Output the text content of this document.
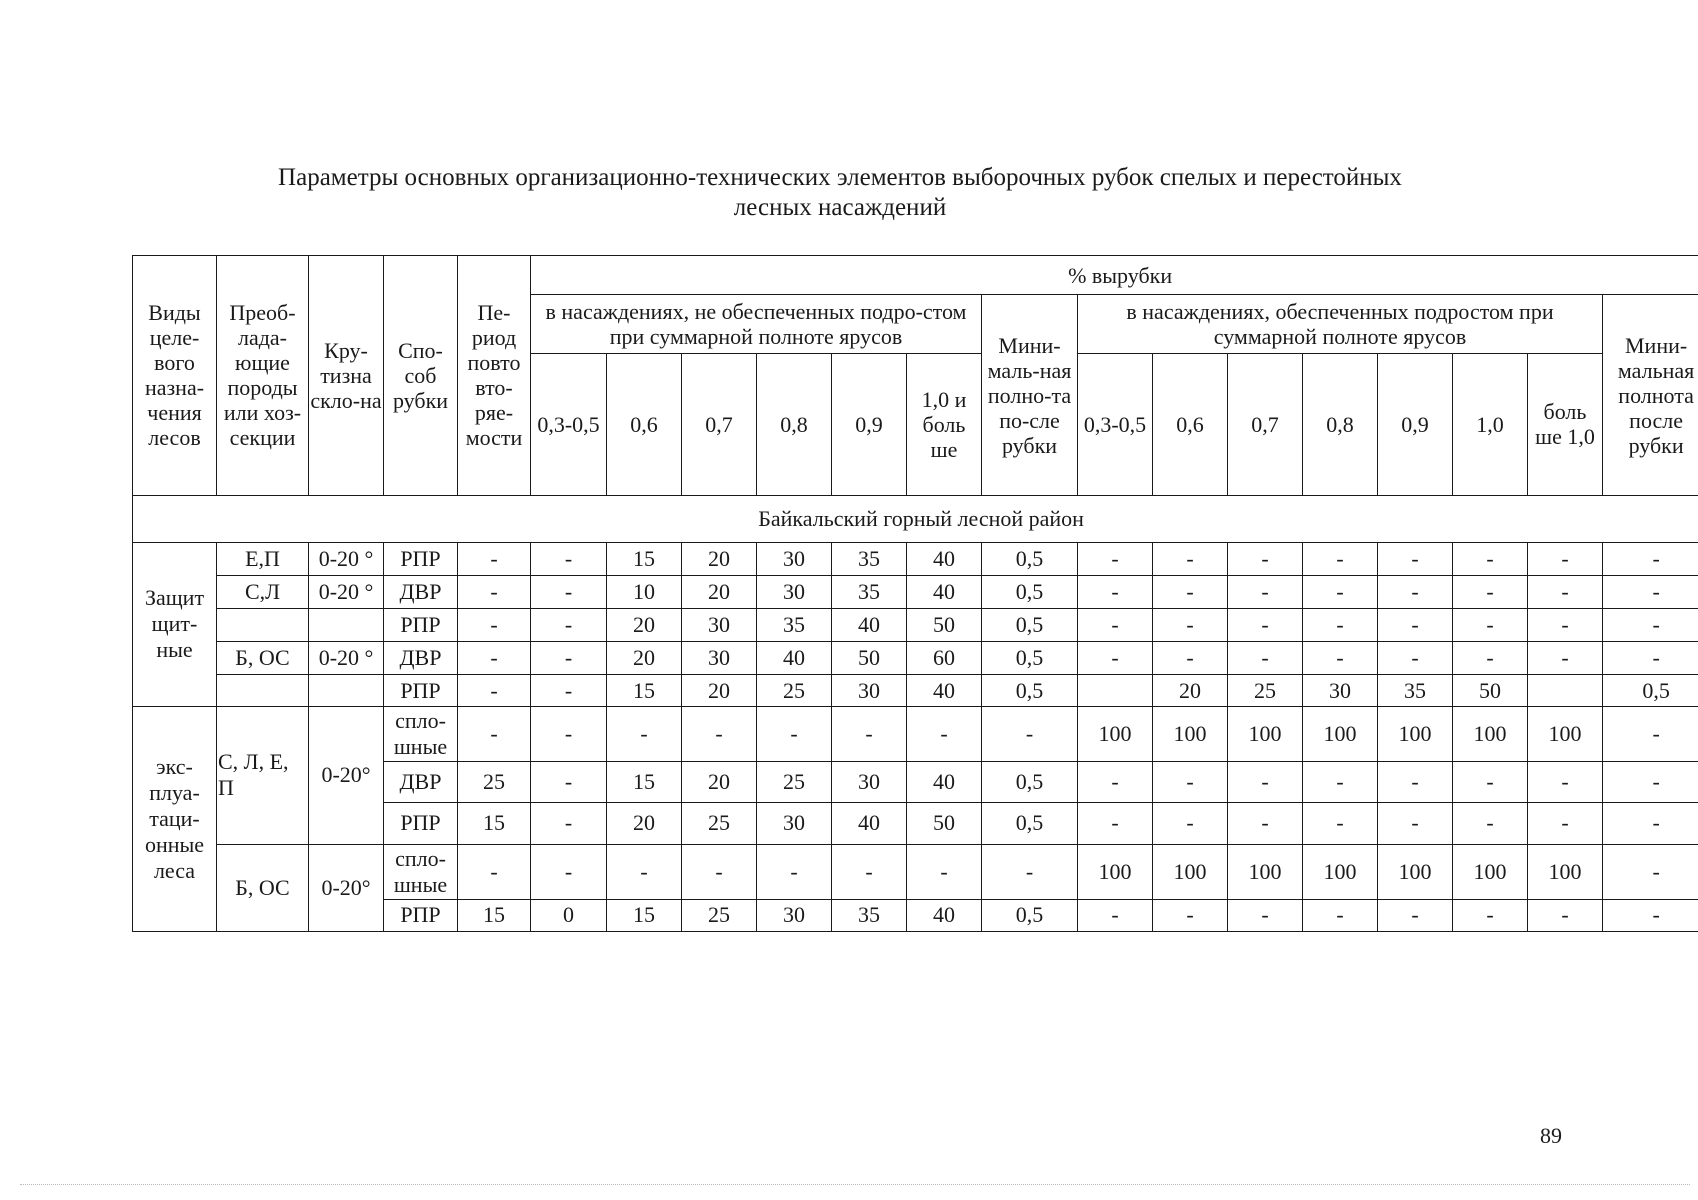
Параметры основных организационно-технических элементов выборочных рубок спелых и перестойных
лесных насаждений
Виды целе-вого назна-чения лесов	Преоб-лада-ющие породы или хоз-секции	Кру-тизна скло-на	Спо-соб рубки	Пе-риод повто вто-ряе-мости	% вырубки														
					в насаждениях, не обеспеченных подро-стом при суммарной полноте ярусов						Мини-маль-ная полно-та по-сле рубки	в насаждениях, обеспеченных подростом при суммарной полноте ярусов							Мини-мальная полнота после рубки
					0,3-0,5	0,6	0,7	0,8	0,9	1,0 и боль ше		0,3-0,5	0,6	0,7	0,8	0,9	1,0	боль ше 1,0	
Байкальский горный лесной район																			
Защит щит-ные	Е,П	0-20 °	РПР	-	-	15	20	30	35	40	0,5	-	-	-	-	-	-	-	-
	С,Л	0-20 °	ДВР	-	-	10	20	30	35	40	0,5	-	-	-	-	-	-	-	-
			РПР	-	-	20	30	35	40	50	0,5	-	-	-	-	-	-	-	-
	Б, ОС	0-20 °	ДВР	-	-	20	30	40	50	60	0,5	-	-	-	-	-	-	-	-
			РПР	-	-	15	20	25	30	40	0,5		20	25	30	35	50		0,5
экс-плуа-таци-онные леса	С, Л, Е, П	0-20°	сплo-шные	-	-	-	-	-	-	-	-	100	100	100	100	100	100	100	-
			ДВР	25	-	15	20	25	30	40	0,5	-	-	-	-	-	-	-	-
			РПР	15	-	20	25	30	40	50	0,5	-	-	-	-	-	-	-	-
	Б, ОС	0-20°	сплo-шные	-	-	-	-	-	-	-	-	100	100	100	100	100	100	100	-
			РПР	15	0	15	25	30	35	40	0,5	-	-	-	-	-	-	-	-
89
